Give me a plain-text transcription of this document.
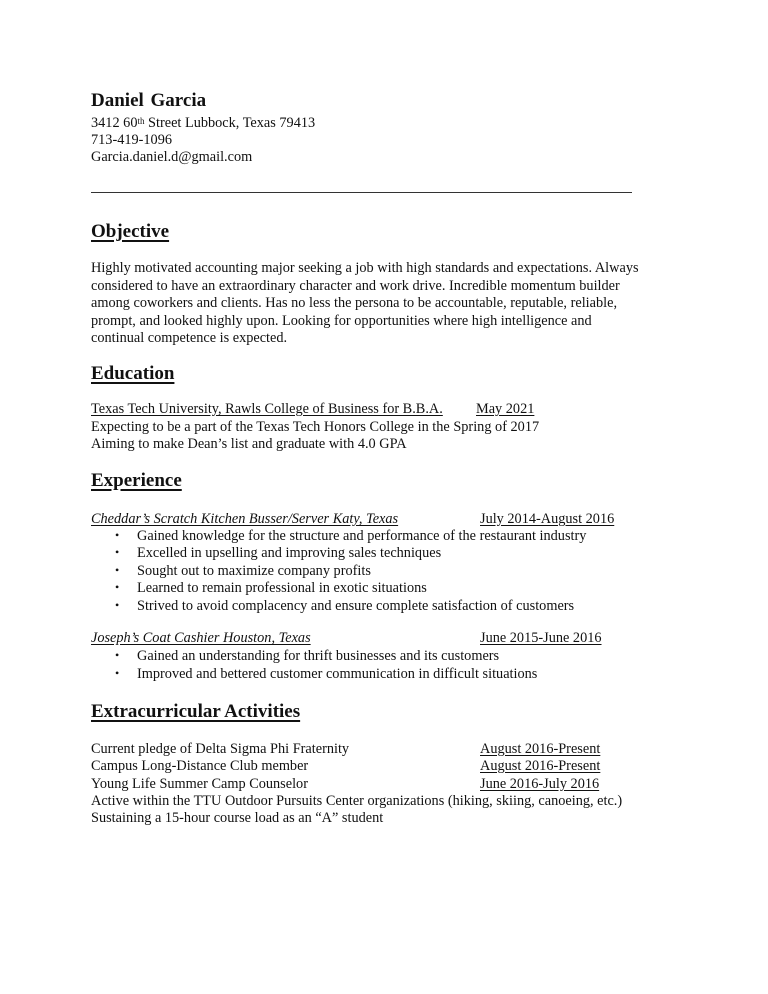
Daniel Garcia
3412 60th Street Lubbock, Texas 79413
713-419-1096
Garcia.daniel.d@gmail.com
Objective
Highly motivated accounting major seeking a job with high standards and expectations. Always
considered to have an extraordinary character and work drive. Incredible momentum builder
among coworkers and clients. Has no less the persona to be accountable, reputable, reliable,
prompt, and looked highly upon. Looking for opportunities where high intelligence and
continual competence is expected.
Education
Texas Tech University, Rawls College of Business for B.B.A. May 2021
Expecting to be a part of the Texas Tech Honors College in the Spring of 2017
Aiming to make Dean’s list and graduate with 4.0 GPA
Experience
Cheddar’s Scratch Kitchen Busser/Server Katy, Texas	July 2014-August 2016
• Gained knowledge for the structure and performance of the restaurant industry
• Excelled in upselling and improving sales techniques
• Sought out to maximize company profits
• Learned to remain professional in exotic situations
• Strived to avoid complacency and ensure complete satisfaction of customers
Joseph’s Coat Cashier Houston, Texas	June 2015-June 2016
• Gained an understanding for thrift businesses and its customers
• Improved and bettered customer communication in difficult situations
Extracurricular Activities
Current pledge of Delta Sigma Phi Fraternity	August 2016-Present
Campus Long-Distance Club member	August 2016-Present
Young Life Summer Camp Counselor	June 2016-July 2016
Active within the TTU Outdoor Pursuits Center organizations (hiking, skiing, canoeing, etc.)
Sustaining a 15-hour course load as an “A” student
